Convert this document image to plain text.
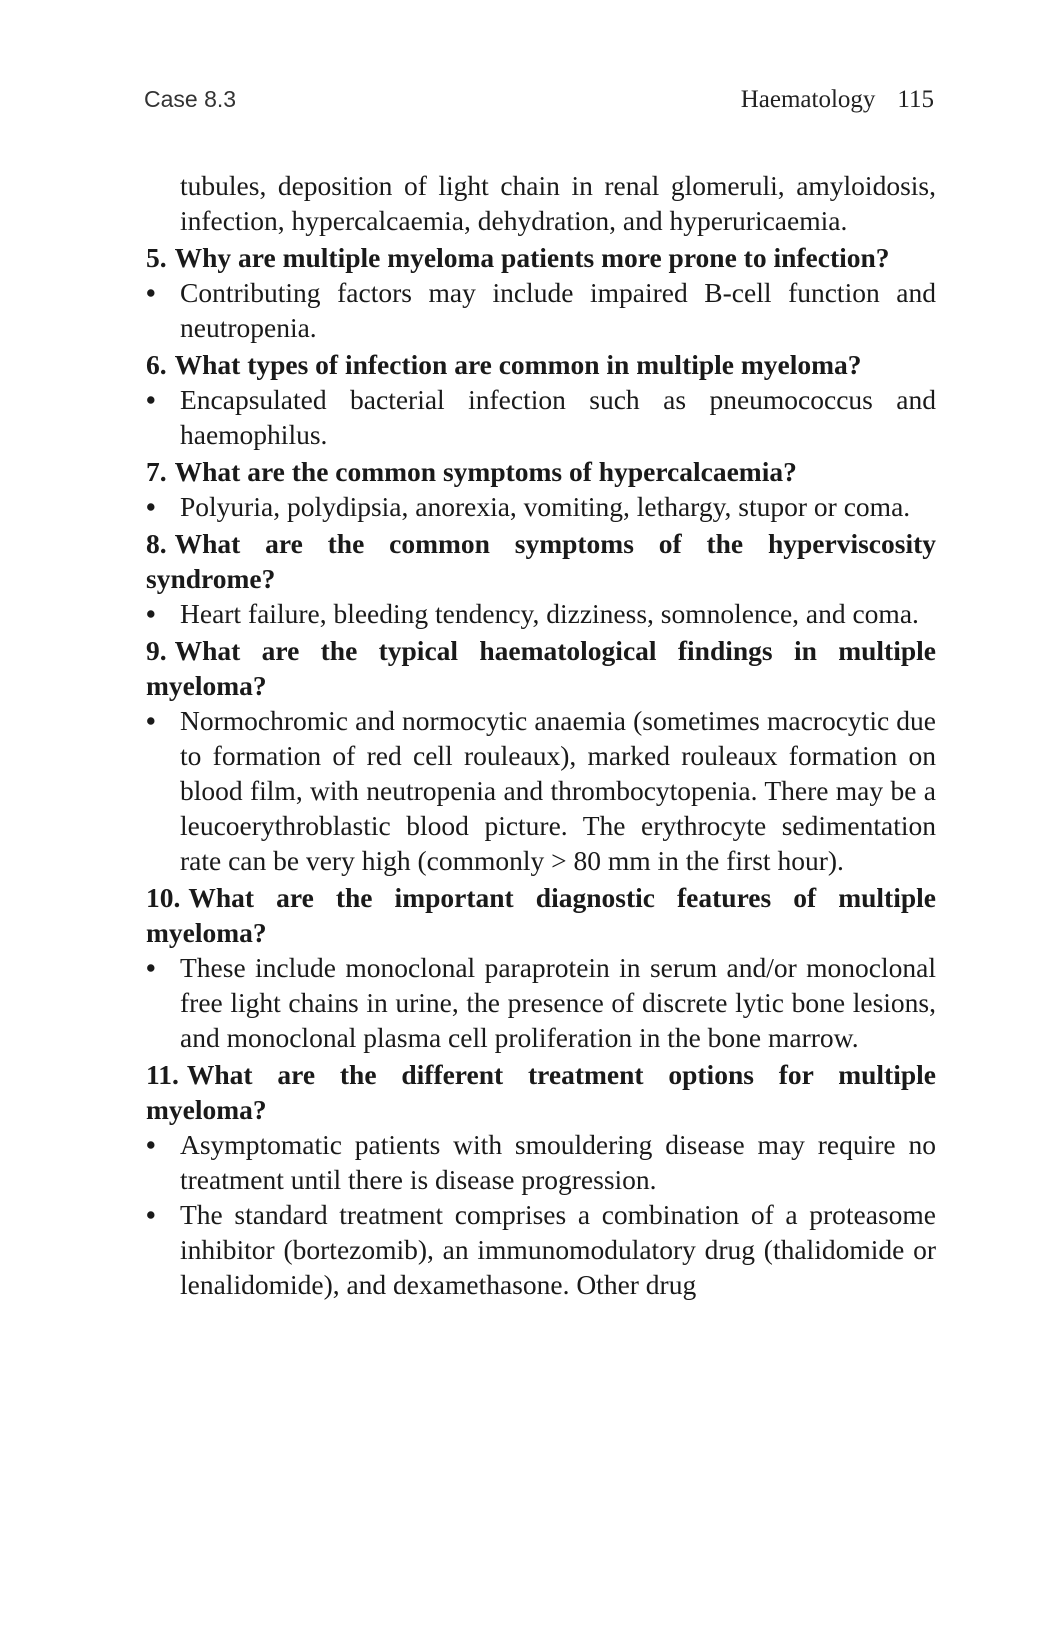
Case 8.3	Haematology 115

tubules, deposition of light chain in renal glomeruli, amyloidosis, infection, hypercalcaemia, dehydration, and hyperuricaemia.

5. Why are multiple myeloma patients more prone to infection?

• Contributing factors may include impaired B-cell function and neutropenia.

6. What types of infection are common in multiple myeloma?

• Encapsulated bacterial infection such as pneumococcus and haemophilus.

7. What are the common symptoms of hypercalcaemia?

• Polyuria, polydipsia, anorexia, vomiting, lethargy, stupor or coma.

8. What are the common symptoms of the hyperviscosity syndrome?

• Heart failure, bleeding tendency, dizziness, somnolence, and coma.

9. What are the typical haematological findings in multiple myeloma?

• Normochromic and normocytic anaemia (sometimes macrocytic due to formation of red cell rouleaux), marked rouleaux formation on blood film, with neutropenia and thrombocytopenia. There may be a leucoerythroblastic blood picture. The erythrocyte sedimentation rate can be very high (commonly > 80 mm in the first hour).

10. What are the important diagnostic features of multiple myeloma?

• These include monoclonal paraprotein in serum and/or monoclonal free light chains in urine, the presence of discrete lytic bone lesions, and monoclonal plasma cell proliferation in the bone marrow.

11. What are the different treatment options for multiple myeloma?

• Asymptomatic patients with smouldering disease may require no treatment until there is disease progression.

• The standard treatment comprises a combination of a proteasome inhibitor (bortezomib), an immunomodulatory drug (thalidomide or lenalidomide), and dexamethasone. Other drug
